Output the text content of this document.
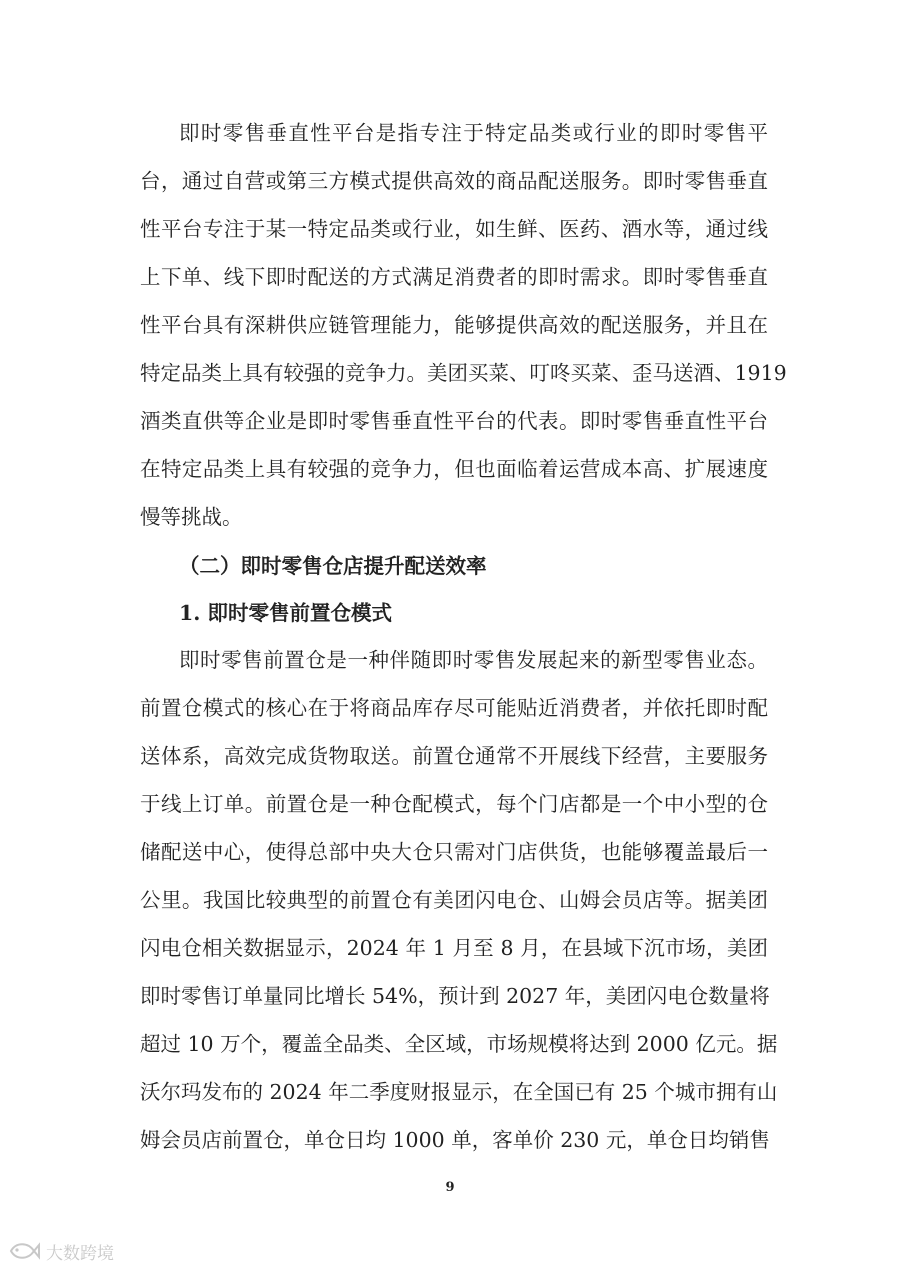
即时零售垂直性平台是指专注于特定品类或行业的即时零售平
台，通过自营或第三方模式提供高效的商品配送服务。即时零售垂直
性平台专注于某一特定品类或行业，如生鲜、医药、酒水等，通过线
上下单、线下即时配送的方式满足消费者的即时需求。即时零售垂直
性平台具有深耕供应链管理能力，能够提供高效的配送服务，并且在
特定品类上具有较强的竞争力。美团买菜、叮咚买菜、歪马送酒、1919
酒类直供等企业是即时零售垂直性平台的代表。即时零售垂直性平台
在特定品类上具有较强的竞争力，但也面临着运营成本高、扩展速度
慢等挑战。
（二）即时零售仓店提升配送效率
1. 即时零售前置仓模式
即时零售前置仓是一种伴随即时零售发展起来的新型零售业态。
前置仓模式的核心在于将商品库存尽可能贴近消费者，并依托即时配
送体系，高效完成货物取送。前置仓通常不开展线下经营，主要服务
于线上订单。前置仓是一种仓配模式，每个门店都是一个中小型的仓
储配送中心，使得总部中央大仓只需对门店供货，也能够覆盖最后一
公里。我国比较典型的前置仓有美团闪电仓、山姆会员店等。据美团
闪电仓相关数据显示，2024 年 1 月至 8 月，在县域下沉市场，美团
即时零售订单量同比增长 54%，预计到 2027 年，美团闪电仓数量将
超过 10 万个，覆盖全品类、全区域，市场规模将达到 2000 亿元。据
沃尔玛发布的 2024 年二季度财报显示，在全国已有 25 个城市拥有山
姆会员店前置仓，单仓日均 1000 单，客单价 230 元，单仓日均销售
9
大数跨境
